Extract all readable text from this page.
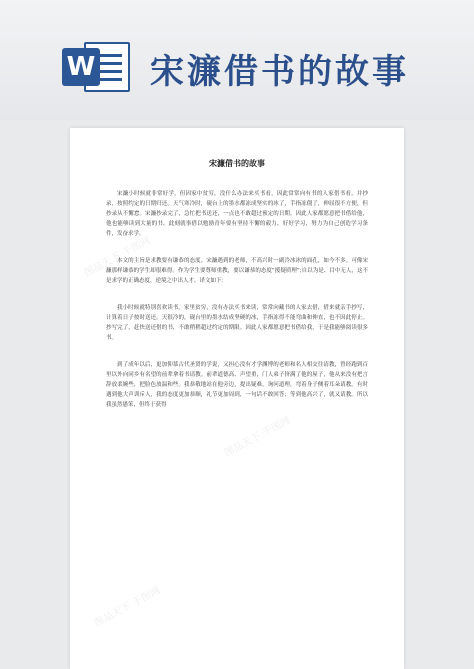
W 宋濂借书的故事
宋濂借书的故事

宋濂小时候就非常好学，但因家中贫穷，没什么办法来买书看，因此常常向有书的人家借书看，并抄录，按照约定的日期归还。天气寒冷时，砚台上的墨水都冻成坚实的冰了，手指冻僵了，伸屈很不方便，但抄录从不懈怠。宋濂抄录完了，急忙把书送还，一点也不敢超过预定的日期。因此人家都愿意把书借给他，他也能够读到大量的书，此刻就事借以勉励青年要有坚持不懈的毅力，好好学习，努力为自己创造学习条件，发奋求学。

本文的主旨是求教要有谦恭的态度。宋濂遇到的老师，不高兴时一副冷冰冰的面孔，如今不多。可像宋濂那样谦恭的学生却很难得。作为学生要尊师重教，要以谦恭的态度“援疑质理”;自以为是、目中无人，这不是求学的正确态度，逆境之中出人才，译文如下：

我小时候就特别喜欢读书。家里贫穷，没有办法买书来读，常常向藏书的人家去借，借来就亲手抄写，计算着日子按时送还。天很冷的，砚台里的墨水结成坚硬的冰，手指冻得不能弯曲和伸直，也不因此停止。抄写完了，赶快送还借的书，不敢稍稍超过约定的期限。因此人家都愿意把书借给我，于是我能够阅读很多书。

到了成年以后，更加仰慕古代圣贤的学说，又担心没有才学渊博的老师和名人相交往请教，曾经跑到百里以外向同乡有名望的前辈拿着书请教。前辈道德高、声望重，门人弟子挤满了他的屋子，他从来没有把言辞放柔婉些，把脸色放温和些。我恭敬地站在他旁边，提出疑难，询问道理，弯着身子侧着耳朵请教。有时遇到他大声训斥人，我的态度更加恭顺，礼节更加周到，一句话不敢回答；等到他高兴了，就又请教。所以我虽然愚笨，但终于获得

图品天下 千图网
图品天下 千图网
图品天下 千图网
